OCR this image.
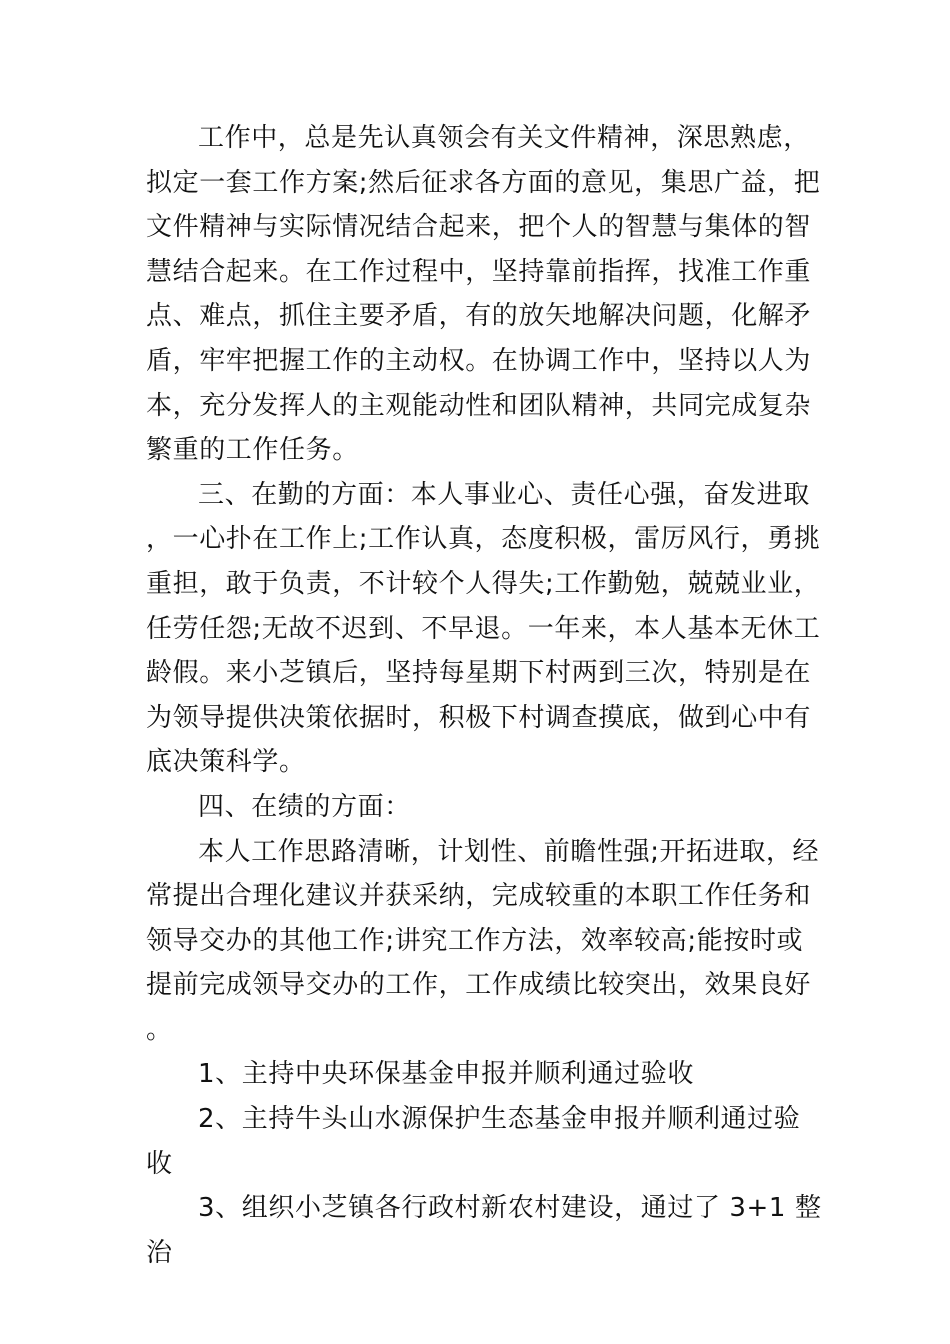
工作中，总是先认真领会有关文件精神，深思熟虑，拟定一套工作方案;然后征求各方面的意见，集思广益，把文件精神与实际情况结合起来，把个人的智慧与集体的智慧结合起来。在工作过程中，坚持靠前指挥，找准工作重点、难点，抓住主要矛盾，有的放矢地解决问题，化解矛盾，牢牢把握工作的主动权。在协调工作中，坚持以人为本，充分发挥人的主观能动性和团队精神，共同完成复杂繁重的工作任务。

三、在勤的方面：本人事业心、责任心强，奋发进取，一心扑在工作上;工作认真，态度积极，雷厉风行，勇挑重担，敢于负责，不计较个人得失;工作勤勉，兢兢业业，任劳任怨;无故不迟到、不早退。一年来，本人基本无休工龄假。来小芝镇后，坚持每星期下村两到三次，特别是在为领导提供决策依据时，积极下村调查摸底，做到心中有底决策科学。

四、在绩的方面：

本人工作思路清晰，计划性、前瞻性强;开拓进取，经常提出合理化建议并获采纳，完成较重的本职工作任务和领导交办的其他工作;讲究工作方法，效率较高;能按时或提前完成领导交办的工作，工作成绩比较突出，效果良好。

1、主持中央环保基金申报并顺利通过验收

2、主持牛头山水源保护生态基金申报并顺利通过验收

3、组织小芝镇各行政村新农村建设，通过了 3+1 整治
